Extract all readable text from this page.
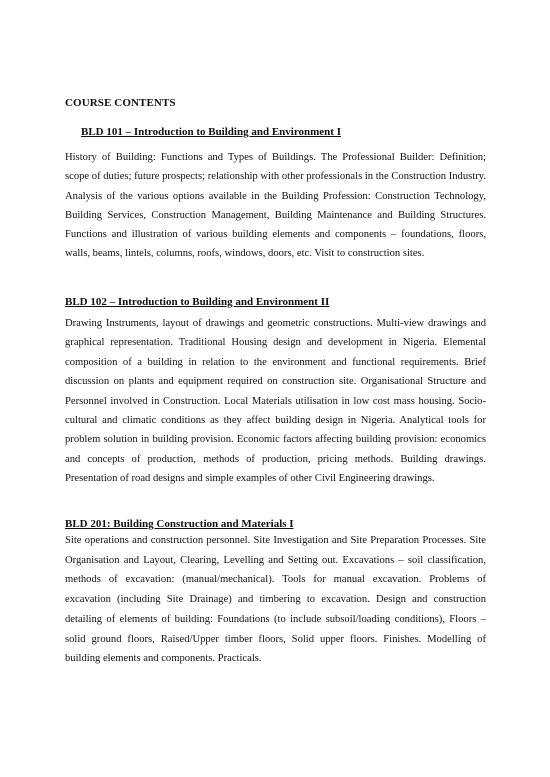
COURSE CONTENTS
BLD 101 – Introduction to Building and Environment I

History of Building: Functions and Types of Buildings. The Professional Builder: Definition; scope of duties; future prospects; relationship with other professionals in the Construction Industry. Analysis of the various options available in the Building Profession: Construction Technology, Building Services, Construction Management, Building Maintenance and Building Structures. Functions and illustration of various building elements and components – foundations, floors, walls, beams, lintels, columns, roofs, windows, doors, etc. Visit to construction sites.

BLD 102 – Introduction to Building and Environment II

Drawing Instruments, layout of drawings and geometric constructions. Multi-view drawings and graphical representation. Traditional Housing design and development in Nigeria. Elemental composition of a building in relation to the environment and functional requirements. Brief discussion on plants and equipment required on construction site. Organisational Structure and Personnel involved in Construction. Local Materials utilisation in low cost mass housing. Socio-cultural and climatic conditions as they affect building design in Nigeria. Analytical tools for problem solution in building provision. Economic factors affecting building provision: economics and concepts of production, methods of production, pricing methods. Building drawings. Presentation of road designs and simple examples of other Civil Engineering drawings.

BLD 201: Building Construction and Materials I

Site operations and construction personnel. Site Investigation and Site Preparation Processes. Site Organisation and Layout, Clearing, Levelling and Setting out. Excavations – soil classification, methods of excavation: (manual/mechanical). Tools for manual excavation. Problems of excavation (including Site Drainage) and timbering to excavation. Design and construction detailing of elements of building: Foundations (to include subsoil/loading conditions), Floors – solid ground floors, Raised/Upper timber floors, Solid upper floors. Finishes. Modelling of building elements and components. Practicals.
